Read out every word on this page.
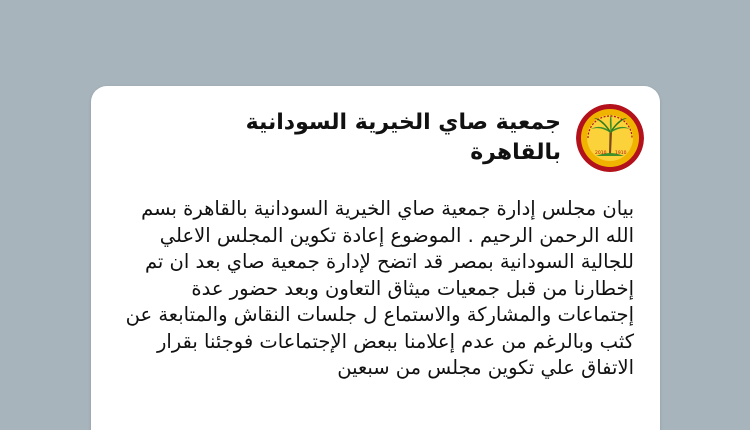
2010 1910
جمعية صاي الخيرية السودانية بالقاهرة

بيان مجلس إدارة جمعية صاي الخيرية السودانية بالقاهرة بسم الله الرحمن الرحيم . الموضوع إعادة تكوين المجلس الاعلي للجالية السودانية بمصر قد اتضح لإدارة جمعية صاي بعد ان تم إخطارنا من قبل جمعيات ميثاق التعاون وبعد حضور عدة إجتماعات والمشاركة والاستماع ل جلسات النقاش والمتابعة عن كثب وبالرغم من عدم إعلامنا ببعض الإجتماعات فوجئنا بقرار الاتفاق علي تكوين مجلس من سبعين
